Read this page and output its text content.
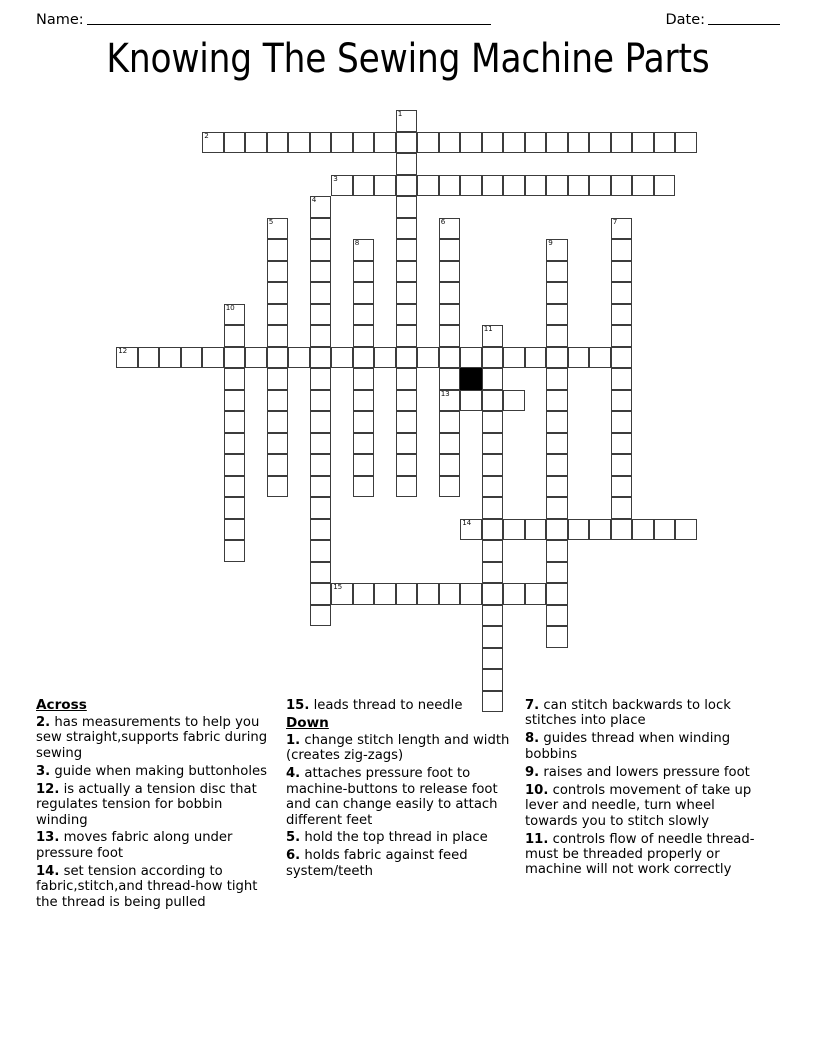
Name:	Date:
Knowing The Sewing Machine Parts
1
2
3
4
5	6
13
7
8	9
10
11
12
14
15
Across
2. has measurements to help you sew straight,supports fabric during sewing
3. guide when making buttonholes
12. is actually a tension disc that regulates tension for bobbin winding
13. moves fabric along under pressure foot
14. set tension according to fabric,stitch,and thread-how tight the thread is being pulled
15. leads thread to needle
Down
1. change stitch length and width (creates zig-zags)
4. attaches pressure foot to machine-buttons to release foot and can change easily to attach different feet
5. hold the top thread in place
6. holds fabric against feed system/teeth
7. can stitch backwards to lock stitches into place
8. guides thread when winding bobbins
9. raises and lowers pressure foot
10. controls movement of take up lever and needle, turn wheel towards you to stitch slowly
11. controls flow of needle thread-must be threaded properly or machine will not work correctly
